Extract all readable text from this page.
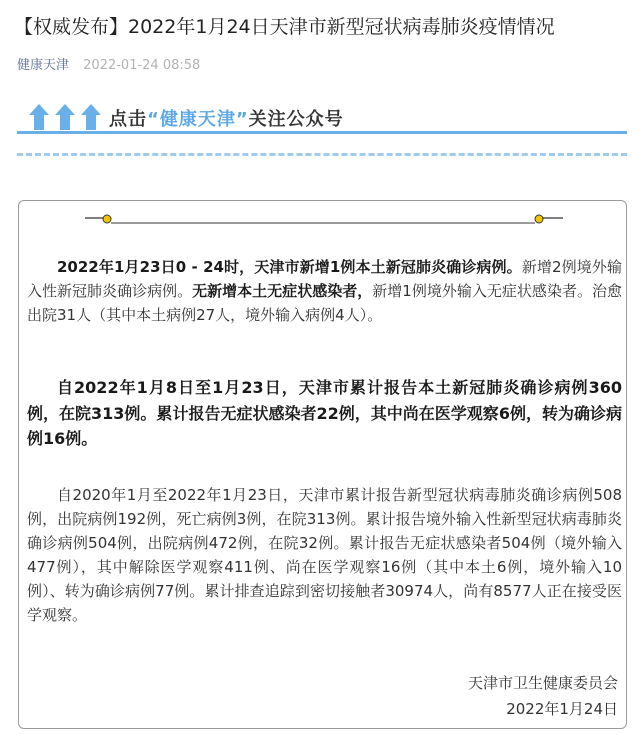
【权威发布】2022年1月24日天津市新型冠状病毒肺炎疫情情况
健康天津 2022-01-24 08:58
点击“健康天津”关注公众号

2022年1月23日0 - 24时，天津市新增1例本土新冠肺炎确诊病例。新增2例境外输入性新冠肺炎确诊病例。无新增本土无症状感染者，新增1例境外输入无症状感染者。治愈出院31人（其中本土病例27人，境外输入病例4人）。

自2022年1月8日至1月23日，天津市累计报告本土新冠肺炎确诊病例360例，在院313例。累计报告无症状感染者22例，其中尚在医学观察6例，转为确诊病例16例。

自2020年1月至2022年1月23日，天津市累计报告新型冠状病毒肺炎确诊病例508例，出院病例192例，死亡病例3例，在院313例。累计报告境外输入性新型冠状病毒肺炎确诊病例504例，出院病例472例，在院32例。累计报告无症状感染者504例（境外输入477例），其中解除医学观察411例、尚在医学观察16例（其中本土6例，境外输入10例）、转为确诊病例77例。累计排查追踪到密切接触者30974人，尚有8577人正在接受医学观察。

天津市卫生健康委员会
2022年1月24日
